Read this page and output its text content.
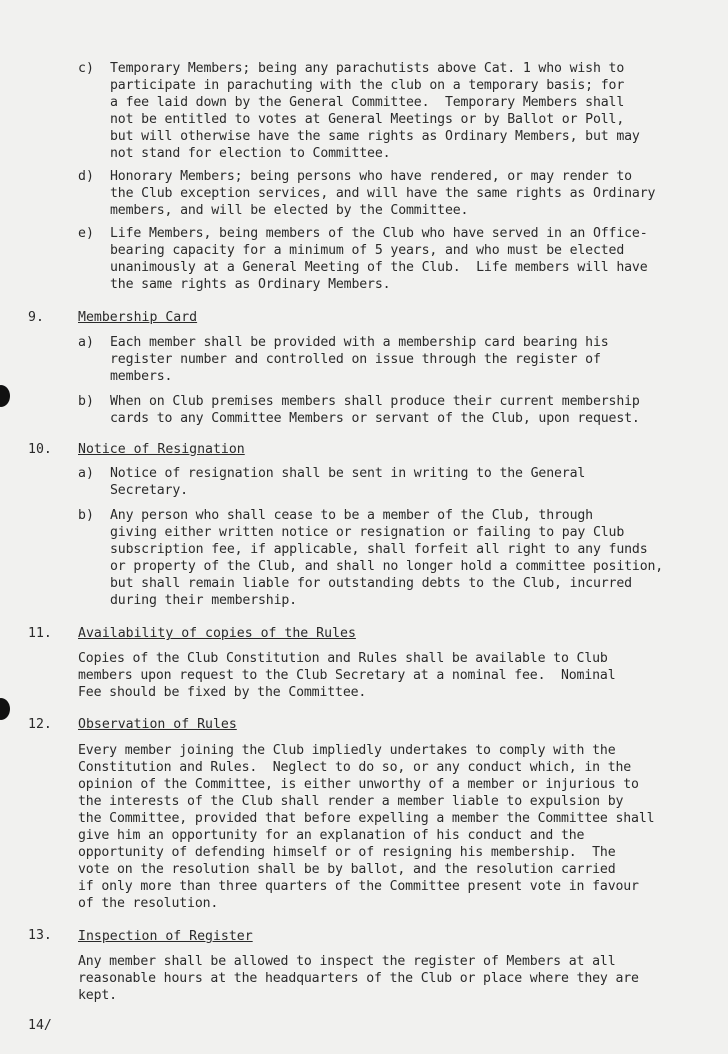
c) Temporary Members; being any parachutists above Cat. 1 who wish to
participate in parachuting with the club on a temporary basis; for
a fee laid down by the General Committee.  Temporary Members shall
not be entitled to votes at General Meetings or by Ballot or Poll,
but will otherwise have the same rights as Ordinary Members, but may
not stand for election to Committee.
d) Honorary Members; being persons who have rendered, or may render to
the Club exception services, and will have the same rights as Ordinary
members, and will be elected by the Committee.
e) Life Members, being members of the Club who have served in an Office-
bearing capacity for a minimum of 5 years, and who must be elected
unanimously at a General Meeting of the Club.  Life members will have
the same rights as Ordinary Members.
9.	Membership Card
a) Each member shall be provided with a membership card bearing his
register number and controlled on issue through the register of
members.
b) When on Club premises members shall produce their current membership
cards to any Committee Members or servant of the Club, upon request.
10. Notice of Resignation
a) Notice of resignation shall be sent in writing to the General
Secretary.
b) Any person who shall cease to be a member of the Club, through
giving either written notice or resignation or failing to pay Club
subscription fee, if applicable, shall forfeit all right to any funds
or property of the Club, and shall no longer hold a committee position,
but shall remain liable for outstanding debts to the Club, incurred
during their membership.
11. Availability of copies of the Rules
Copies of the Club Constitution and Rules shall be available to Club
members upon request to the Club Secretary at a nominal fee.  Nominal
Fee should be fixed by the Committee.
12. Observation of Rules
Every member joining the Club impliedly undertakes to comply with the
Constitution and Rules.  Neglect to do so, or any conduct which, in the
opinion of the Committee, is either unworthy of a member or injurious to
the interests of the Club shall render a member liable to expulsion by
the Committee, provided that before expelling a member the Committee shall
give him an opportunity for an explanation of his conduct and the
opportunity of defending himself or of resigning his membership.  The
vote on the resolution shall be by ballot, and the resolution carried
if only more than three quarters of the Committee present vote in favour
of the resolution.
13. Inspection of Register
Any member shall be allowed to inspect the register of Members at all
reasonable hours at the headquarters of the Club or place where they are
kept.
14/
